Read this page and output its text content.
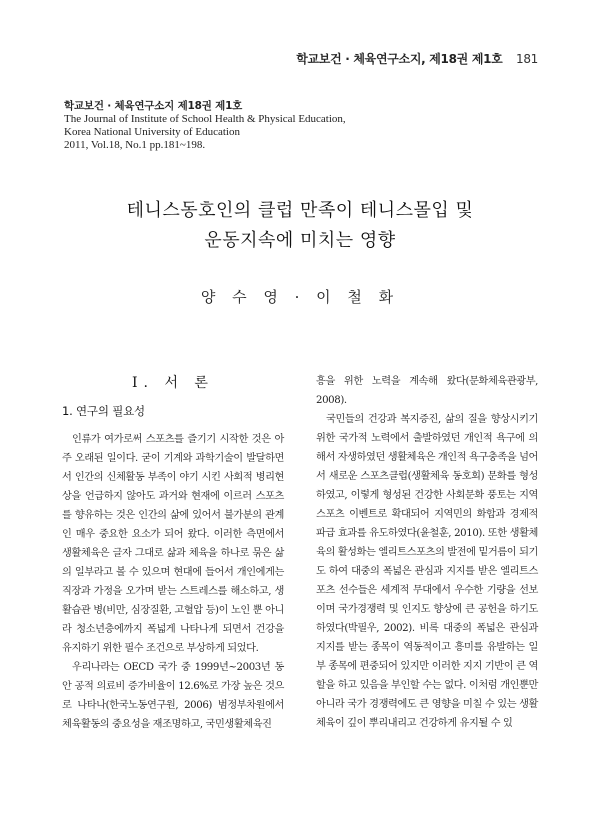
학교보건 · 체육연구소지, 제18권 제1호 181
학교보건 · 체육연구소지 제18권 제1호
The Journal of Institute of School Health & Physical Education,
Korea National University of Education
2011, Vol.18, No.1 pp.181~198.
테니스동호인의 클럽 만족이 테니스몰입 및
운동지속에 미치는 영향
양 수 영 · 이 철 화
Ⅰ. 서 론
1. 연구의 필요성

인류가 여가로써 스포츠를 즐기기 시작한 것은 아주 오래된 일이다. 굳이 기계와 과학기술이 발달하면서 인간의 신체활동 부족이 야기 시킨 사회적 병리현상을 언급하지 않아도 과거와 현재에 이르러 스포츠를 향유하는 것은 인간의 삶에 있어서 불가분의 관계인 매우 중요한 요소가 되어 왔다. 이러한 측면에서 생활체육은 글자 그대로 삶과 체육을 하나로 묶은 삶의 일부라고 볼 수 있으며 현대에 들어서 개인에게는 직장과 가정을 오가며 받는 스트레스를 해소하고, 생활습관 병(비만, 심장질환, 고혈압 등)이 노인 뿐 아니라 청소년층에까지 폭넓게 나타나게 되면서 건강을 유지하기 위한 필수 조건으로 부상하게 되었다.

우리나라는 OECD 국가 중 1999년~2003년 동안 공적 의료비 증가비율이 12.6%로 가장 높은 것으로 나타나(한국노동연구원, 2006) 범정부차원에서 체육활동의 중요성을 재조명하고, 국민생활체육진

흥을 위한 노력을 계속해 왔다(문화체육관광부, 2008).

국민들의 건강과 복지증진, 삶의 질을 향상시키기 위한 국가적 노력에서 출발하였던 개인적 욕구에 의해서 자생하였던 생활체육은 개인적 욕구충족을 넘어서 새로운 스포츠클럽(생활체육 동호회) 문화를 형성하였고, 이렇게 형성된 건강한 사회문화 풍토는 지역 스포츠 이벤트로 확대되어 지역민의 화합과 경제적 파급 효과를 유도하였다(윤철훈, 2010). 또한 생활체육의 활성화는 엘리트스포츠의 발전에 밑거름이 되기도 하여 대중의 폭넓은 관심과 지지를 받은 엘리트스포츠 선수들은 세계적 무대에서 우수한 기량을 선보이며 국가경쟁력 및 인지도 향상에 큰 공헌을 하기도 하였다(박필우, 2002). 비록 대중의 폭넓은 관심과 지지를 받는 종목이 역동적이고 흥미를 유발하는 일부 종목에 편중되어 있지만 이러한 지지 기반이 큰 역할을 하고 있음을 부인할 수는 없다. 이처럼 개인뿐만 아니라 국가 경쟁력에도 큰 영향을 미칠 수 있는 생활체육이 깊이 뿌리내리고 건강하게 유지될 수 있
